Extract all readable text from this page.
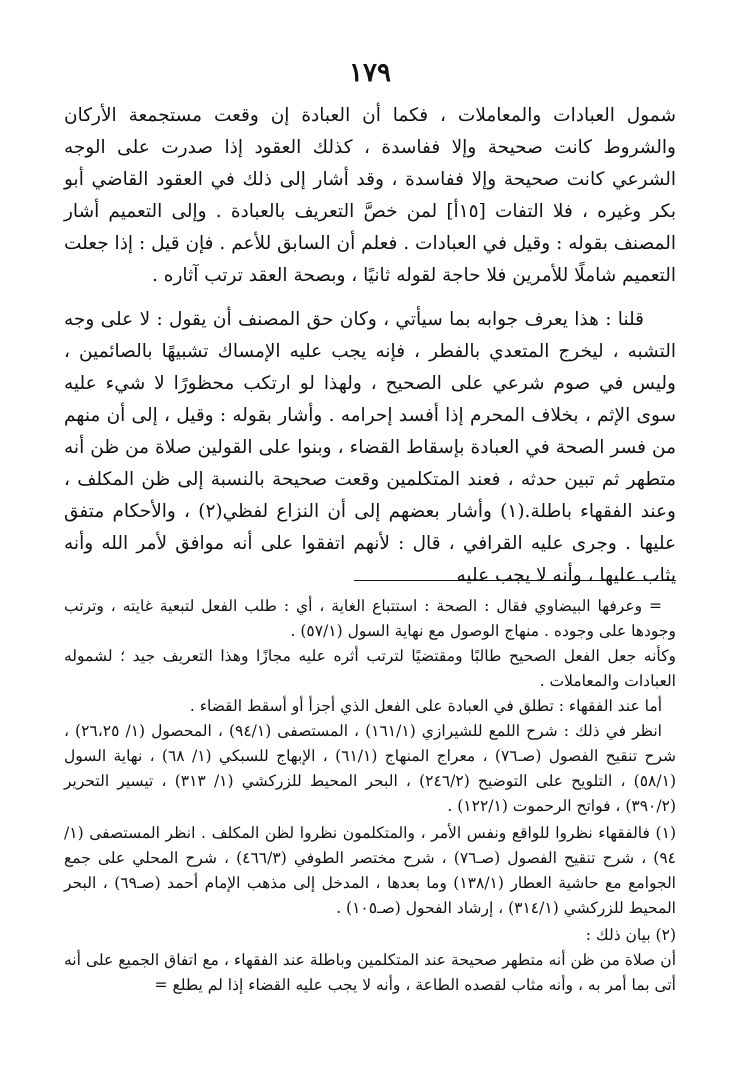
١٧٩

شمول العبادات والمعاملات ، فكما أن العبادة إن وقعت مستجمعة الأركان والشروط كانت صحيحة وإلا ففاسدة ، كذلك العقود إذا صدرت على الوجه الشرعي كانت صحيحة وإلا ففاسدة ، وقد أشار إلى ذلك في العقود القاضي أبو بكر وغيره ، فلا التفات [١٥أ] لمن خصَّ التعريف بالعبادة . وإلى التعميم أشار المصنف بقوله : وقيل في العبادات . فعلم أن السابق للأعم . فإن قيل : إذا جعلت التعميم شاملًا للأمرين فلا حاجة لقوله ثانيًا ، وبصحة العقد ترتب آثاره .

قلنا : هذا يعرف جوابه بما سيأتي ، وكان حق المصنف أن يقول : لا على وجه التشبه ، ليخرج المتعدي بالفطر ، فإنه يجب عليه الإمساك تشبيهًا بالصائمين ، وليس في صوم شرعي على الصحيح ، ولهذا لو ارتكب محظورًا لا شيء عليه سوى الإثم ، بخلاف المحرم إذا أفسد إحرامه . وأشار بقوله : وقيل ، إلى أن منهم من فسر الصحة في العبادة بإسقاط القضاء ، وبنوا على القولين صلاة من ظن أنه متطهر ثم تبين حدثه ، فعند المتكلمين وقعت صحيحة بالنسبة إلى ظن المكلف ، وعند الفقهاء باطلة.(١) وأشار بعضهم إلى أن النزاع لفظي(٢) ، والأحكام متفق عليها . وجرى عليه القرافي ، قال : لأنهم اتفقوا على أنه موافق لأمر الله وأنه يثاب عليها ، وأنه لا يجب عليه

= وعرفها البيضاوي فقال : الصحة : استتباع الغاية ، أي : طلب الفعل لتبعية غايته ، وترتب وجودها على وجوده . منهاج الوصول مع نهاية السول (٥٧/١) .

وكأنه جعل الفعل الصحيح طالبًا ومقتضيًا لترتب أثره عليه مجازًا وهذا التعريف جيد ؛ لشموله العبادات والمعاملات .

أما عند الفقهاء : تطلق في العبادة على الفعل الذي أجزأ أو أسقط القضاء .

انظر في ذلك : شرح اللمع للشيرازي (١٦١/١) ، المستصفى (٩٤/١) ، المحصول (١/ ٢٦،٢٥) ، شرح تنقيح الفصول (صـ٧٦) ، معراج المنهاج (٦١/١) ، الإبهاج للسبكي (١/ ٦٨) ، نهاية السول (٥٨/١) ، التلويح على التوضيح (٢٤٦/٢) ، البحر المحيط للزركشي (١/ ٣١٣) ، تيسير التحرير (٣٩٠/٢) ، فواتح الرحموت (١٢٢/١) .

(١) فالفقهاء نظروا للواقع ونفس الأمر ، والمتكلمون نظروا لظن المكلف . انظر المستصفى (١/ ٩٤) ، شرح تنقيح الفصول (صـ٧٦) ، شرح مختصر الطوفي (٤٦٦/٣) ، شرح المحلي على جمع الجوامع مع حاشية العطار (١٣٨/١) وما بعدها ، المدخل إلى مذهب الإمام أحمد (صـ٦٩) ، البحر المحيط للزركشي (٣١٤/١) ، إرشاد الفحول (صـ١٠٥) .

(٢) بيان ذلك :

أن صلاة من ظن أنه متطهر صحيحة عند المتكلمين وباطلة عند الفقهاء ، مع اتفاق الجميع على أنه أتى بما أمر به ، وأنه مثاب لقصده الطاعة ، وأنه لا يجب عليه القضاء إذا لم يطلع =
